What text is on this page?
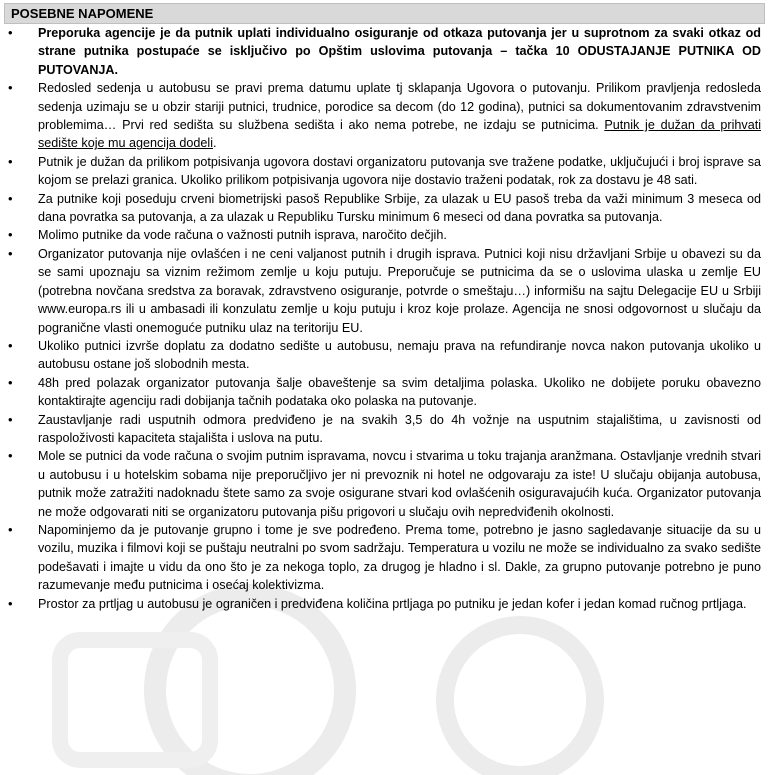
POSEBNE NAPOMENE
• Preporuka agencije je da putnik uplati individualno osiguranje od otkaza putovanja jer u suprotnom za svaki otkaz od strane putnika postupaće se isključivo po Opštim uslovima putovanja – tačka 10 ODUSTAJANJE PUTNIKA OD PUTOVANJA.
• Redosled sedenja u autobusu se pravi prema datumu uplate tj sklapanja Ugovora o putovanju. Prilikom pravljenja redosleda sedenja uzimaju se u obzir stariji putnici, trudnice, porodice sa decom (do 12 godina), putnici sa dokumentovanim zdravstvenim problemima… Prvi red sedišta su službena sedišta i ako nema potrebe, ne izdaju se putnicima. Putnik je dužan da prihvati sedište koje mu agencija dodeli.
• Putnik je dužan da prilikom potpisivanja ugovora dostavi organizatoru putovanja sve tražene podatke, uključujući i broj isprave sa kojom se prelazi granica. Ukoliko prilikom potpisivanja ugovora nije dostavio traženi podatak, rok za dostavu je 48 sati.
• Za putnike koji poseduju crveni biometrijski pasoš Republike Srbije, za ulazak u EU pasoš treba da važi minimum 3 meseca od dana povratka sa putovanja, a za ulazak u Republiku Tursku minimum 6 meseci od dana povratka sa putovanja.
• Molimo putnike da vode računa o važnosti putnih isprava, naročito dečjih.
• Organizator putovanja nije ovlašćen i ne ceni valjanost putnih i drugih isprava. Putnici koji nisu državljani Srbije u obavezi su da se sami upoznaju sa viznim režimom zemlje u koju putuju. Preporučuje se putnicima da se o uslovima ulaska u zemlje EU (potrebna novčana sredstva za boravak, zdravstveno osiguranje, potvrde o smeštaju…) informišu na sajtu Delegacije EU u Srbiji www.europa.rs ili u ambasadi ili konzulatu zemlje u koju putuju i kroz koje prolaze. Agencija ne snosi odgovornost u slučaju da pogranične vlasti onemoguće putniku ulaz na teritoriju EU.
• Ukoliko putnici izvrše doplatu za dodatno sedište u autobusu, nemaju prava na refundiranje novca nakon putovanja ukoliko u autobusu ostane još slobodnih mesta.
• 48h pred polazak organizator putovanja šalje obaveštenje sa svim detaljima polaska. Ukoliko ne dobijete poruku obavezno kontaktirajte agenciju radi dobijanja tačnih podataka oko polaska na putovanje.
• Zaustavljanje radi usputnih odmora predviđeno je na svakih 3,5 do 4h vožnje na usputnim stajalištima, u zavisnosti od raspoloživosti kapaciteta stajališta i uslova na putu.
• Mole se putnici da vode računa o svojim putnim ispravama, novcu i stvarima u toku trajanja aranžmana. Ostavljanje vrednih stvari u autobusu i u hotelskim sobama nije preporučljivo jer ni prevoznik ni hotel ne odgovaraju za iste! U slučaju obijanja autobusa, putnik može zatražiti nadoknadu štete samo za svoje osigurane stvari kod ovlašćenih osiguravajućih kuća. Organizator putovanja ne može odgovarati niti se organizatoru putovanja pišu prigovori u slučaju ovih nepredviđenih okolnosti.
• Napominjemo da je putovanje grupno i tome je sve podređeno. Prema tome, potrebno je jasno sagledavanje situacije da su u vozilu, muzika i filmovi koji se puštaju neutralni po svom sadržaju. Temperatura u vozilu ne može se individualno za svako sedište podešavati i imajte u vidu da ono što je za nekoga toplo, za drugog je hladno i sl. Dakle, za grupno putovanje potrebno je puno razumevanje među putnicima i osećaj kolektivizma.
• Prostor za prtljag u autobusu je ograničen i predviđena količina prtljaga po putniku je jedan kofer i jedan komad ručnog prtljaga.
